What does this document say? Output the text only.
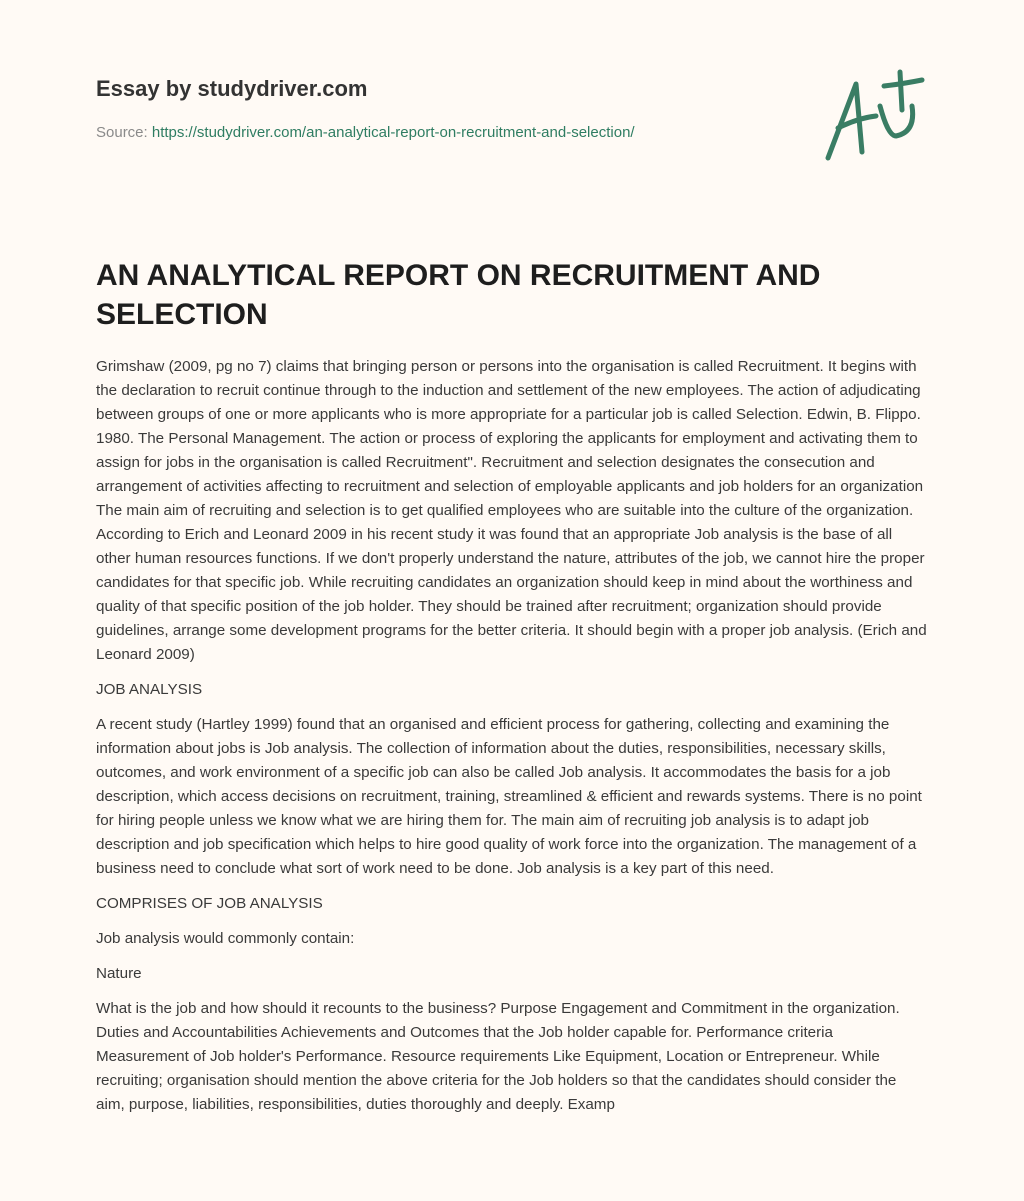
Essay by studydriver.com
Source: https://studydriver.com/an-analytical-report-on-recruitment-and-selection/
AN ANALYTICAL REPORT ON RECRUITMENT AND SELECTION

Grimshaw (2009, pg no 7) claims that bringing person or persons into the organisation is called Recruitment. It begins with the declaration to recruit continue through to the induction and settlement of the new employees. The action of adjudicating between groups of one or more applicants who is more appropriate for a particular job is called Selection. Edwin, B. Flippo. 1980. The Personal Management. The action or process of exploring the applicants for employment and activating them to assign for jobs in the organisation is called Recruitment". Recruitment and selection designates the consecution and arrangement of activities affecting to recruitment and selection of employable applicants and job holders for an organization The main aim of recruiting and selection is to get qualified employees who are suitable into the culture of the organization. According to Erich and Leonard 2009 in his recent study it was found that an appropriate Job analysis is the base of all other human resources functions. If we don't properly understand the nature, attributes of the job, we cannot hire the proper candidates for that specific job. While recruiting candidates an organization should keep in mind about the worthiness and quality of that specific position of the job holder. They should be trained after recruitment; organization should provide guidelines, arrange some development programs for the better criteria. It should begin with a proper job analysis. (Erich and Leonard 2009)

JOB ANALYSIS

A recent study (Hartley 1999) found that an organised and efficient process for gathering, collecting and examining the information about jobs is Job analysis. The collection of information about the duties, responsibilities, necessary skills, outcomes, and work environment of a specific job can also be called Job analysis. It accommodates the basis for a job description, which access decisions on recruitment, training, streamlined & efficient and rewards systems. There is no point for hiring people unless we know what we are hiring them for. The main aim of recruiting job analysis is to adapt job description and job specification which helps to hire good quality of work force into the organization. The management of a business need to conclude what sort of work need to be done. Job analysis is a key part of this need.

COMPRISES OF JOB ANALYSIS

Job analysis would commonly contain:

Nature

What is the job and how should it recounts to the business? Purpose Engagement and Commitment in the organization. Duties and Accountabilities Achievements and Outcomes that the Job holder capable for. Performance criteria Measurement of Job holder's Performance. Resource requirements Like Equipment, Location or Entrepreneur. While recruiting; organisation should mention the above criteria for the Job holders so that the candidates should consider the aim, purpose, liabilities, responsibilities, duties thoroughly and deeply. Examp
